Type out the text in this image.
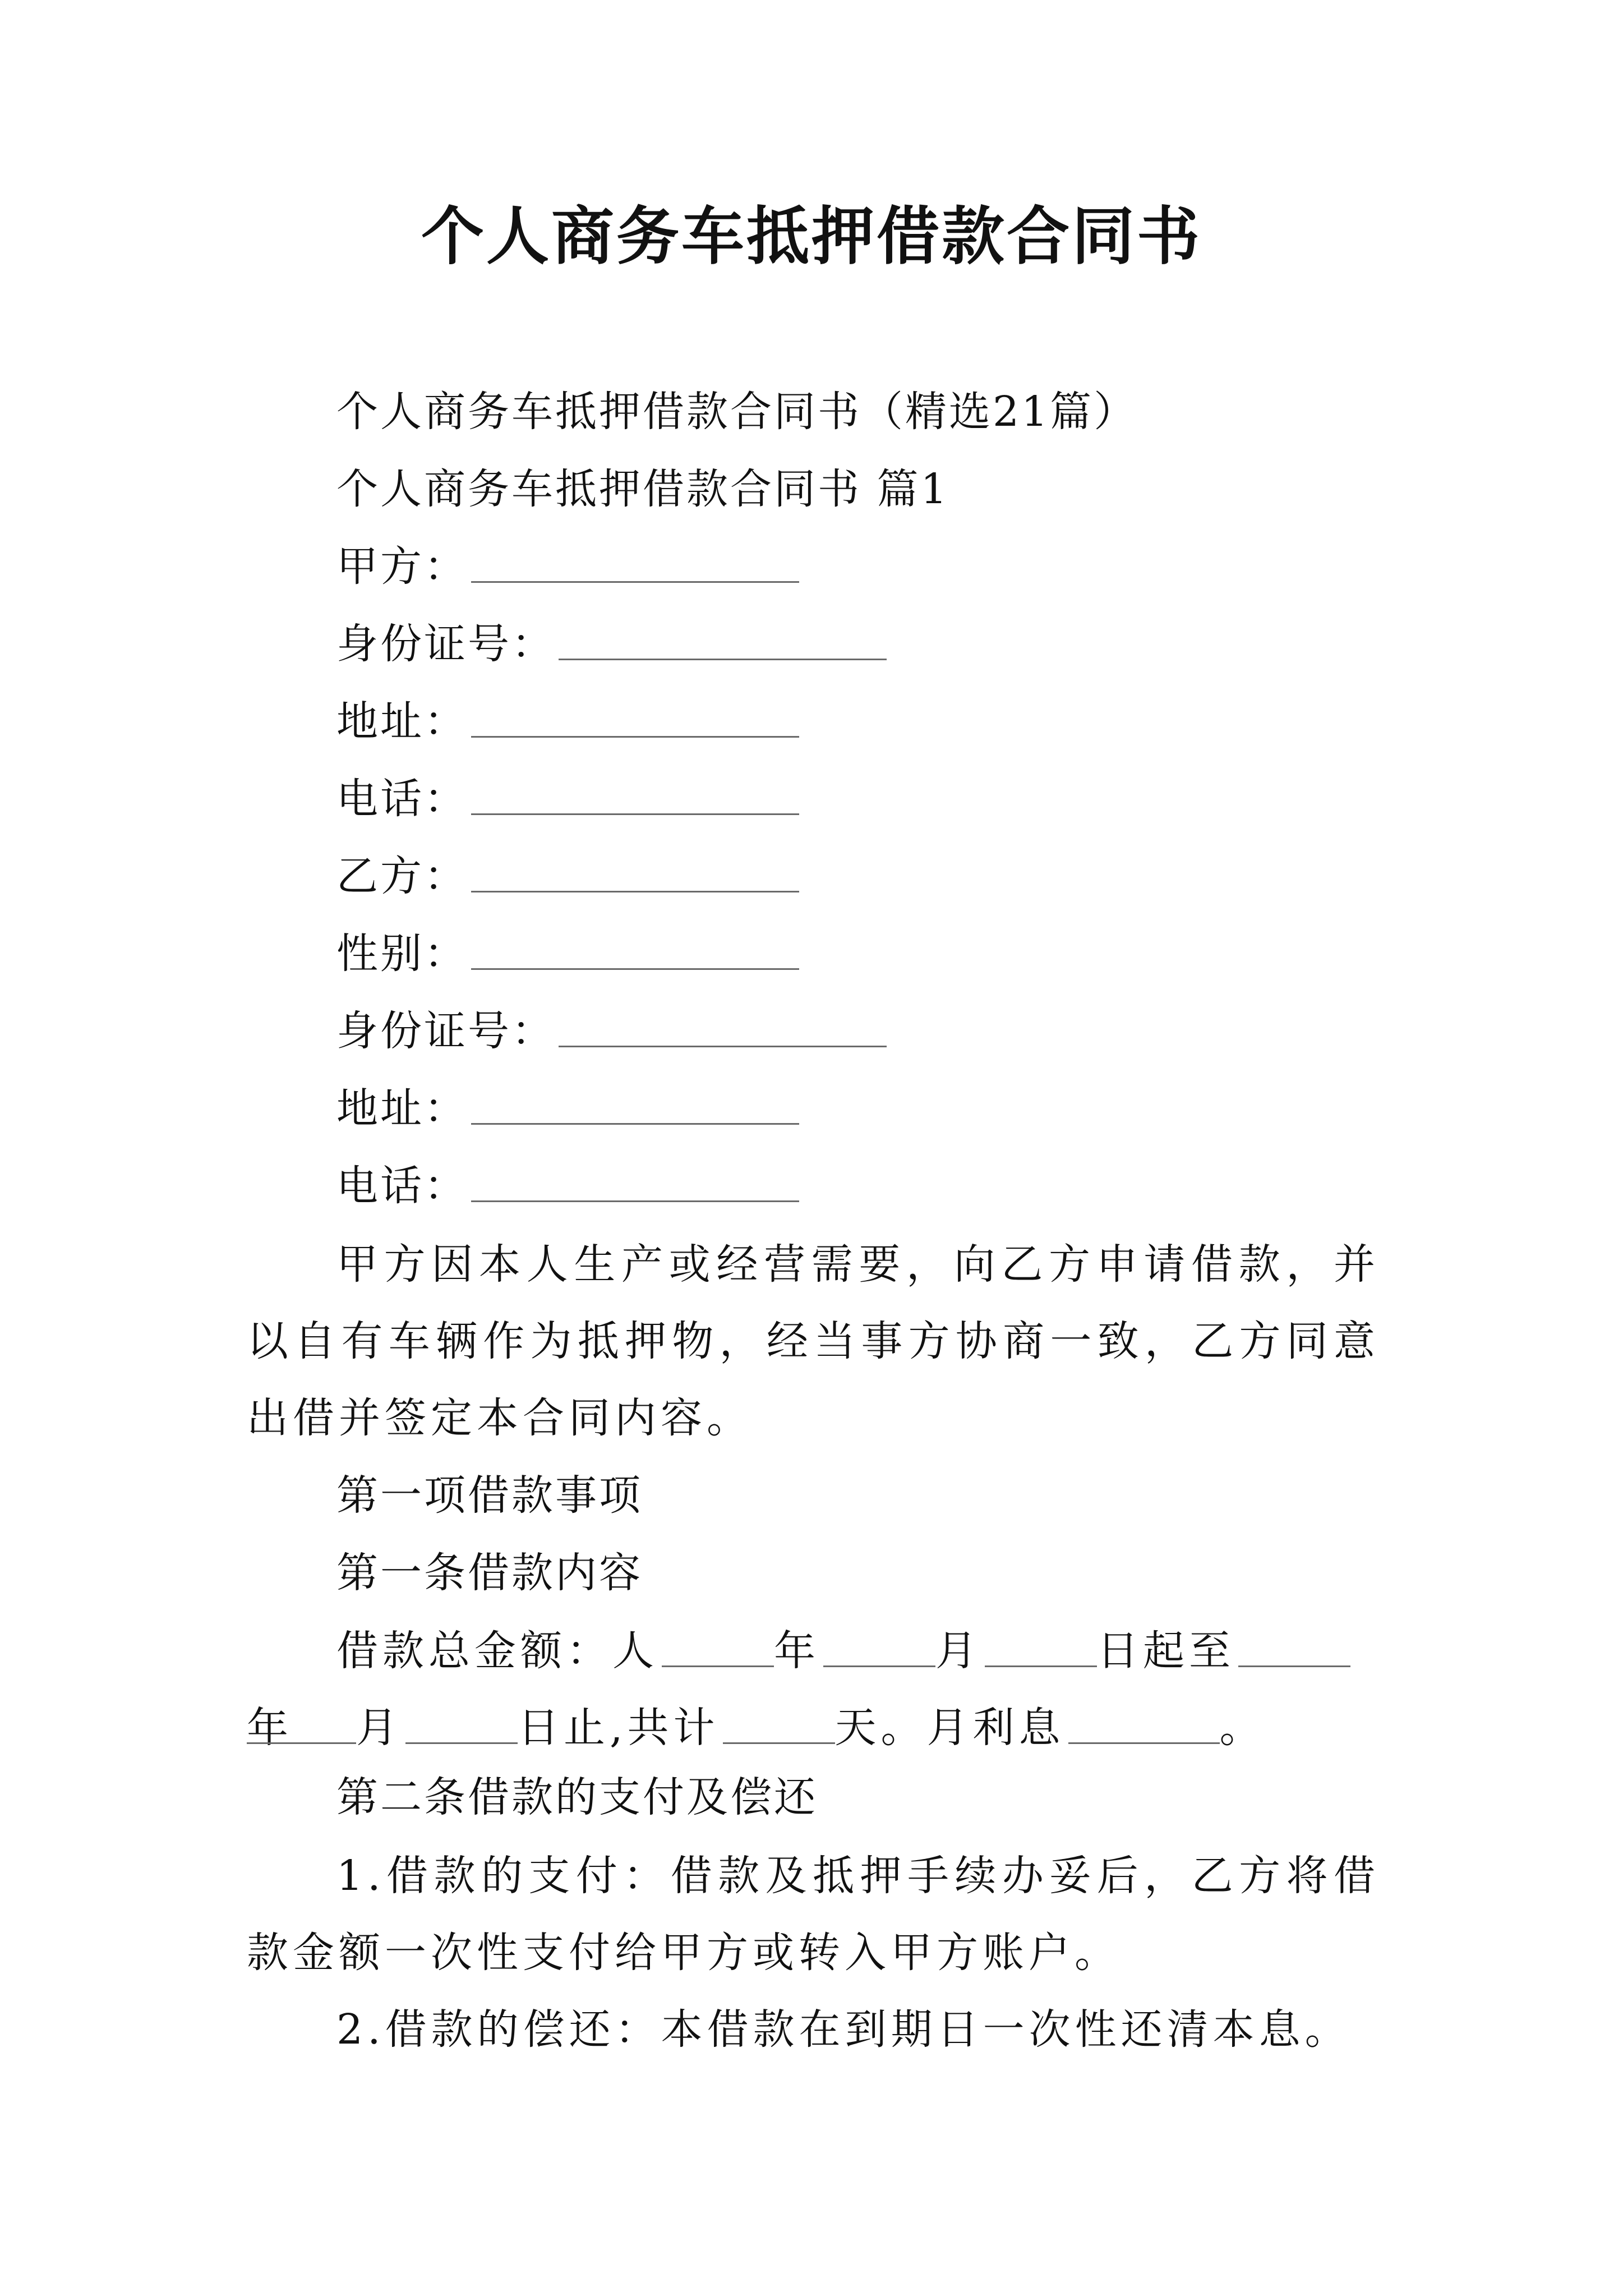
个人商务车抵押借款合同书
个人商务车抵押借款合同书（精选21篇）
个人商务车抵押借款合同书 篇1
甲方：
身份证号：
地址：
电话：
乙方：
性别：
身份证号：
地址：
电话：

甲方因本人生产或经营需要，向乙方申请借款，并以自有车辆作为抵押物，经当事方协商一致，乙方同意出借并签定本合同内容。

第一项借款事项
第一条借款内容
借款总金额：人	年	月	日起至年	月	日止,共计	天。月利息	。
第二条借款的支付及偿还

1.借款的支付：借款及抵押手续办妥后，乙方将借款金额一次性支付给甲方或转入甲方账户。

2.借款的偿还：本借款在到期日一次性还清本息。
